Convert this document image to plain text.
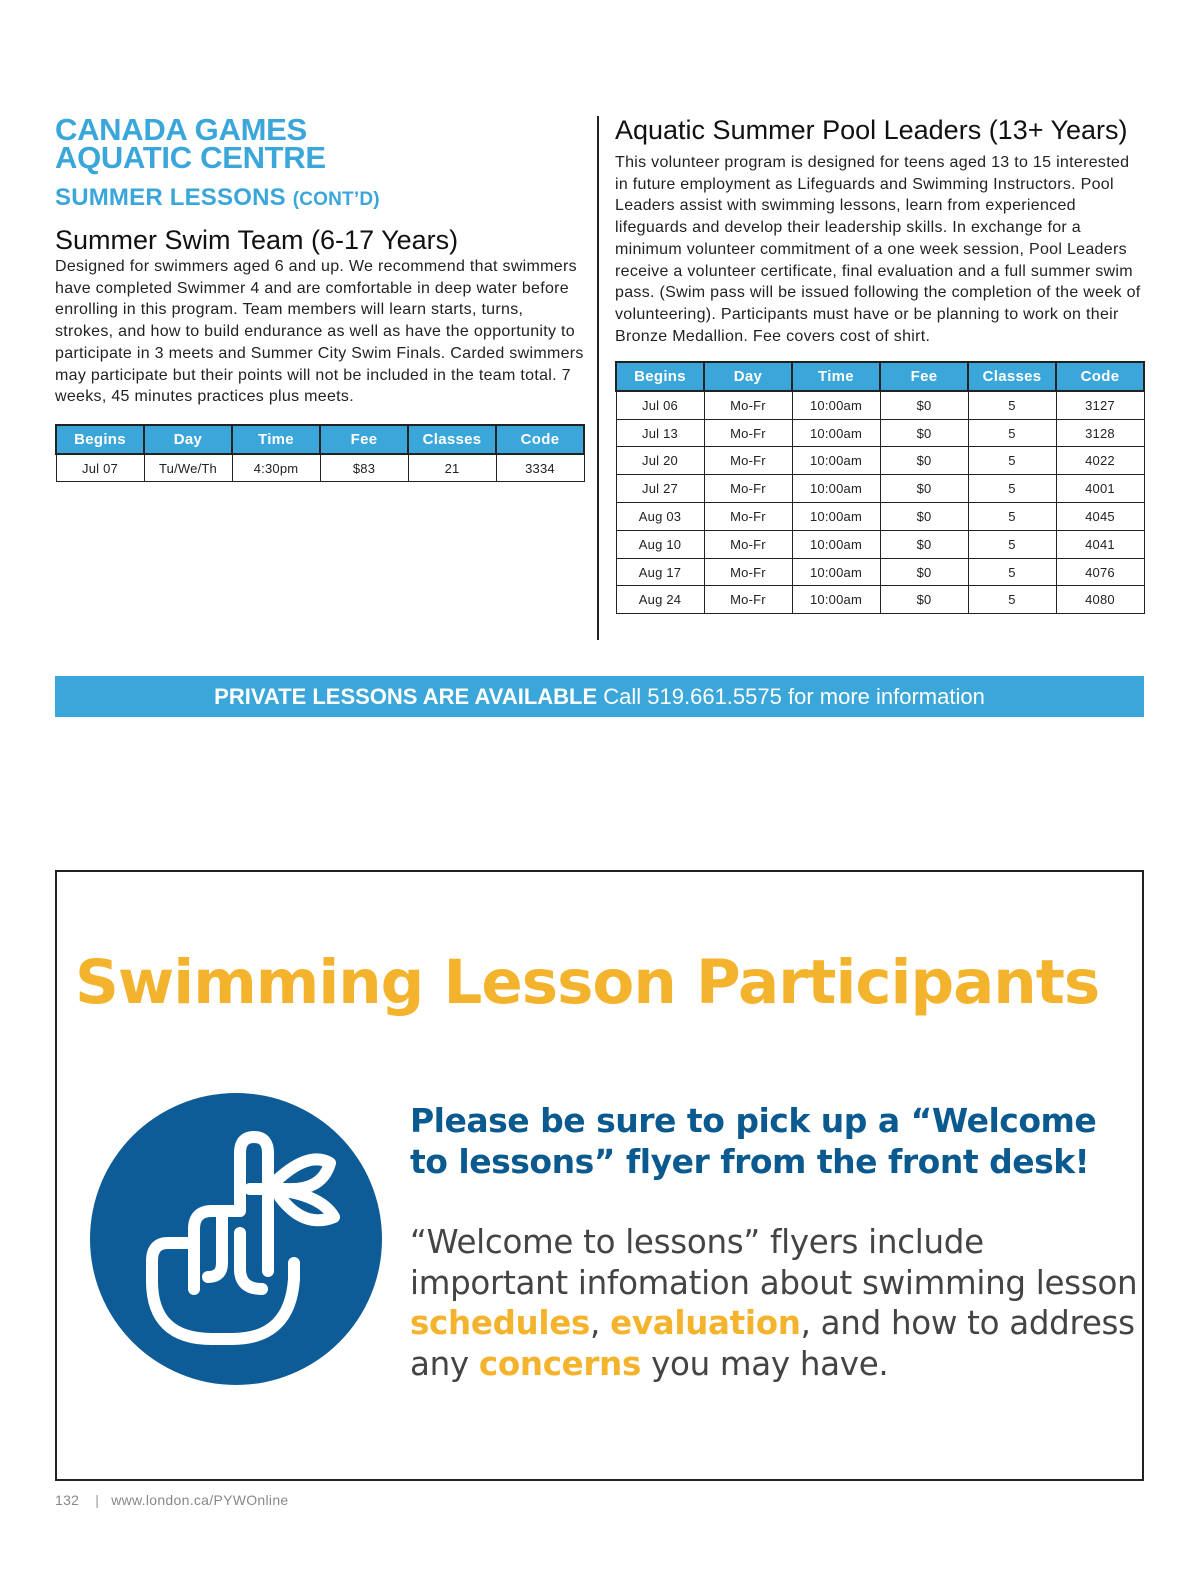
CANADA GAMES
AQUATIC CENTRE
SUMMER LESSONS (CONT’D)
Summer Swim Team (6-17 Years)

Designed for swimmers aged 6 and up. We recommend that swimmers have completed Swimmer 4 and are comfortable in deep water before enrolling in this program. Team members will learn starts, turns, strokes, and how to build endurance as well as have the opportunity to participate in 3 meets and Summer City Swim Finals. Carded swimmers may participate but their points will not be included in the team total. 7 weeks, 45 minutes practices plus meets.

Begins	Day	Time	Fee	Classes	Code
Jul 07	Tu/We/Th	4:30pm	$83	21	3334
Aquatic Summer Pool Leaders (13+ Years)

This volunteer program is designed for teens aged 13 to 15 interested in future employment as Lifeguards and Swimming Instructors. Pool Leaders assist with swimming lessons, learn from experienced lifeguards and develop their leadership skills. In exchange for a minimum volunteer commitment of a one week session, Pool Leaders receive a volunteer certificate, final evaluation and a full summer swim pass. (Swim pass will be issued following the completion of the week of volunteering). Participants must have or be planning to work on their Bronze Medallion. Fee covers cost of shirt.

Begins	Day	Time	Fee	Classes	Code
Jul 06	Mo-Fr	10:00am	$0	5	3127
Jul 13	Mo-Fr	10:00am	$0	5	3128
Jul 20	Mo-Fr	10:00am	$0	5	4022
Jul 27	Mo-Fr	10:00am	$0	5	4001
Aug 03	Mo-Fr	10:00am	$0	5	4045
Aug 10	Mo-Fr	10:00am	$0	5	4041
Aug 17	Mo-Fr	10:00am	$0	5	4076
Aug 24	Mo-Fr	10:00am	$0	5	4080
PRIVATE LESSONS ARE AVAILABLE Call 519.661.5575 for more information
Swimming Lesson Participants
Please be sure to pick up a “Welcome to lessons” flyer from the front desk!
“Welcome to lessons” flyers include important infomation about swimming lesson schedules, evaluation, and how to address any concerns you may have.
132 | www.london.ca/PYWOnline
